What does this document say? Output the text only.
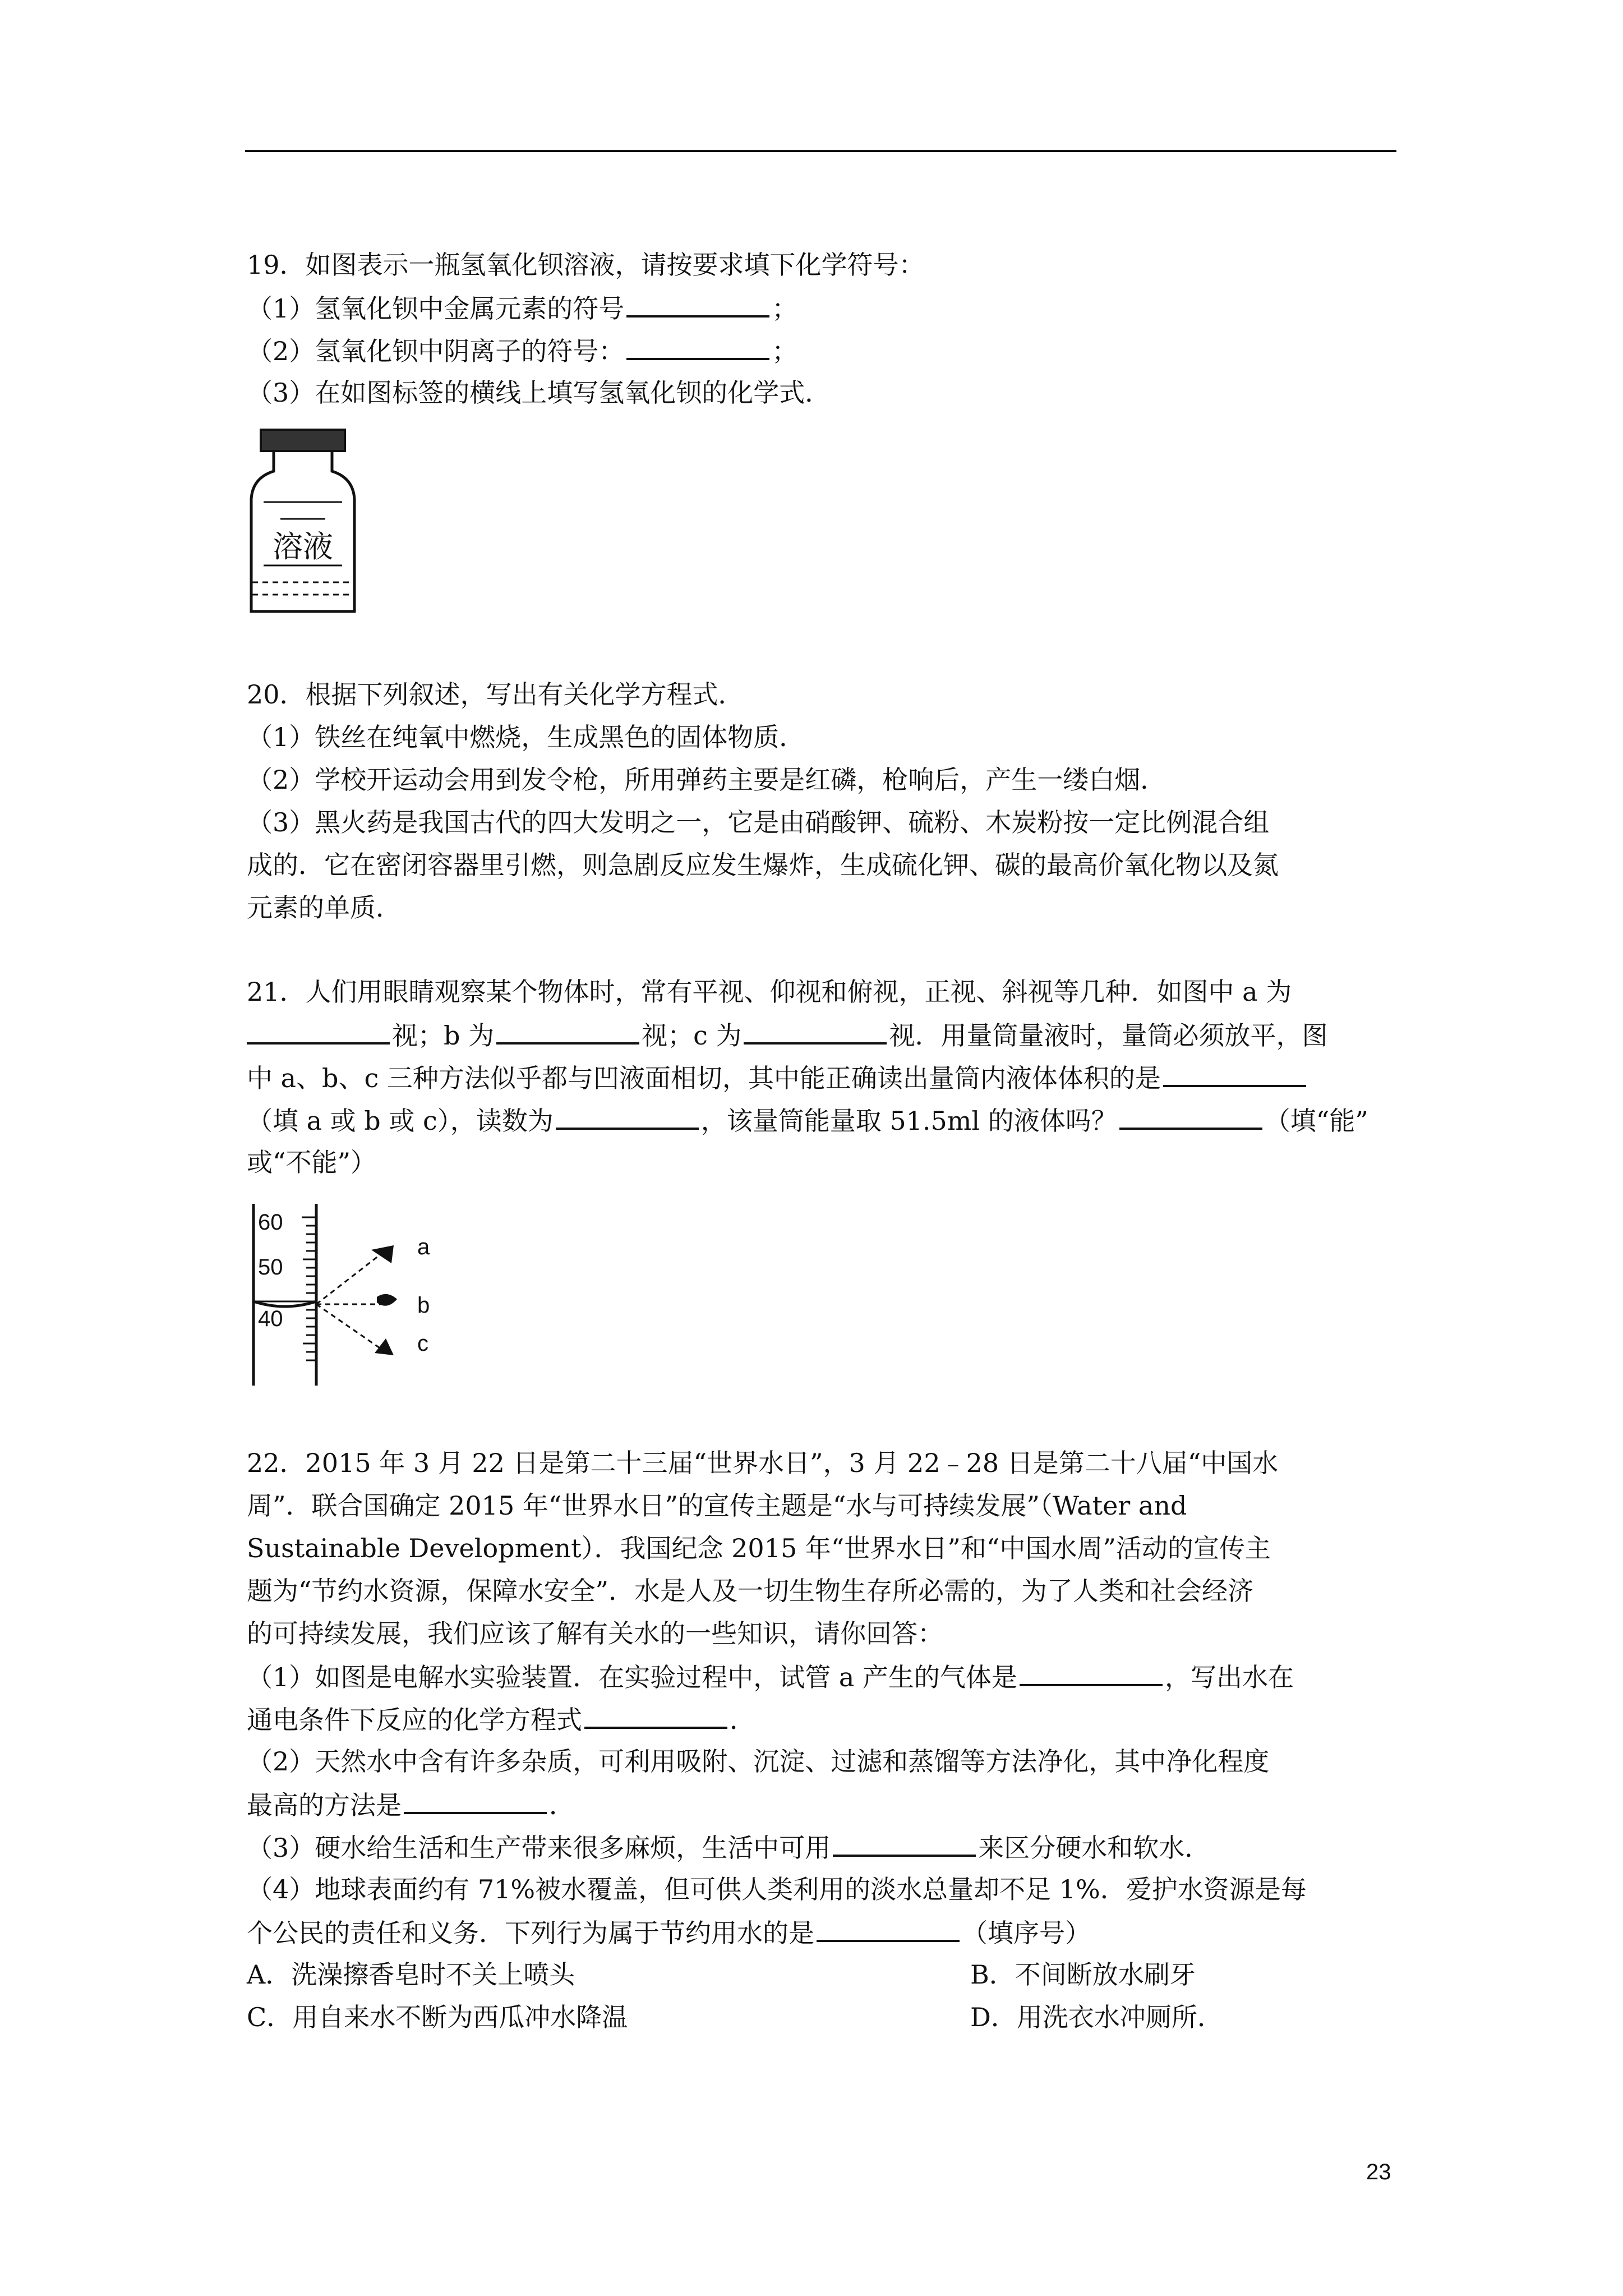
19．如图表示一瓶氢氧化钡溶液，请按要求填下化学符号：
（1）氢氧化钡中金属元素的符号	；
（2）氢氧化钡中阴离子的符号：	；
（3）在如图标签的横线上填写氢氧化钡的化学式．
溶液
20．根据下列叙述，写出有关化学方程式．
（1）铁丝在纯氧中燃烧，生成黑色的固体物质．
（2）学校开运动会用到发令枪，所用弹药主要是红磷，枪响后，产生一缕白烟．
（3）黑火药是我国古代的四大发明之一，它是由硝酸钾、硫粉、木炭粉按一定比例混合组
成的．它在密闭容器里引燃，则急剧反应发生爆炸，生成硫化钾、碳的最高价氧化物以及氮
元素的单质．
21．人们用眼睛观察某个物体时，常有平视、仰视和俯视，正视、斜视等几种．如图中 a 为
视；b 为	视；c 为	视．用量筒量液时，量筒必须放平，图
中 a、b、c 三种方法似乎都与凹液面相切，其中能正确读出量筒内液体体积的是
（填 a 或 b 或 c），读数为	，该量筒能量取 51.5ml 的液体吗？	（填“能”
或“不能”）
60
50
40
a
b
c
22．2015 年 3 月 22 日是第二十三届“世界水日”，3 月 22﹣28 日是第二十八届“中国水
周”．联合国确定 2015 年“世界水日”的宣传主题是“水与可持续发展”（Water and
Sustainable Development）．我国纪念 2015 年“世界水日”和“中国水周”活动的宣传主
题为“节约水资源，保障水安全”．水是人及一切生物生存所必需的，为了人类和社会经济
的可持续发展，我们应该了解有关水的一些知识，请你回答：
（1）如图是电解水实验装置．在实验过程中，试管 a 产生的气体是	，写出水在
通电条件下反应的化学方程式	．
（2）天然水中含有许多杂质，可利用吸附、沉淀、过滤和蒸馏等方法净化，其中净化程度
最高的方法是	．
（3）硬水给生活和生产带来很多麻烦，生活中可用	来区分硬水和软水．
（4）地球表面约有 71%被水覆盖，但可供人类利用的淡水总量却不足 1%．爱护水资源是每
个公民的责任和义务．下列行为属于节约用水的是	（填序号）
A．洗澡擦香皂时不关上喷头	B．不间断放水刷牙
C．用自来水不断为西瓜冲水降温	D．用洗衣水冲厕所．
23
